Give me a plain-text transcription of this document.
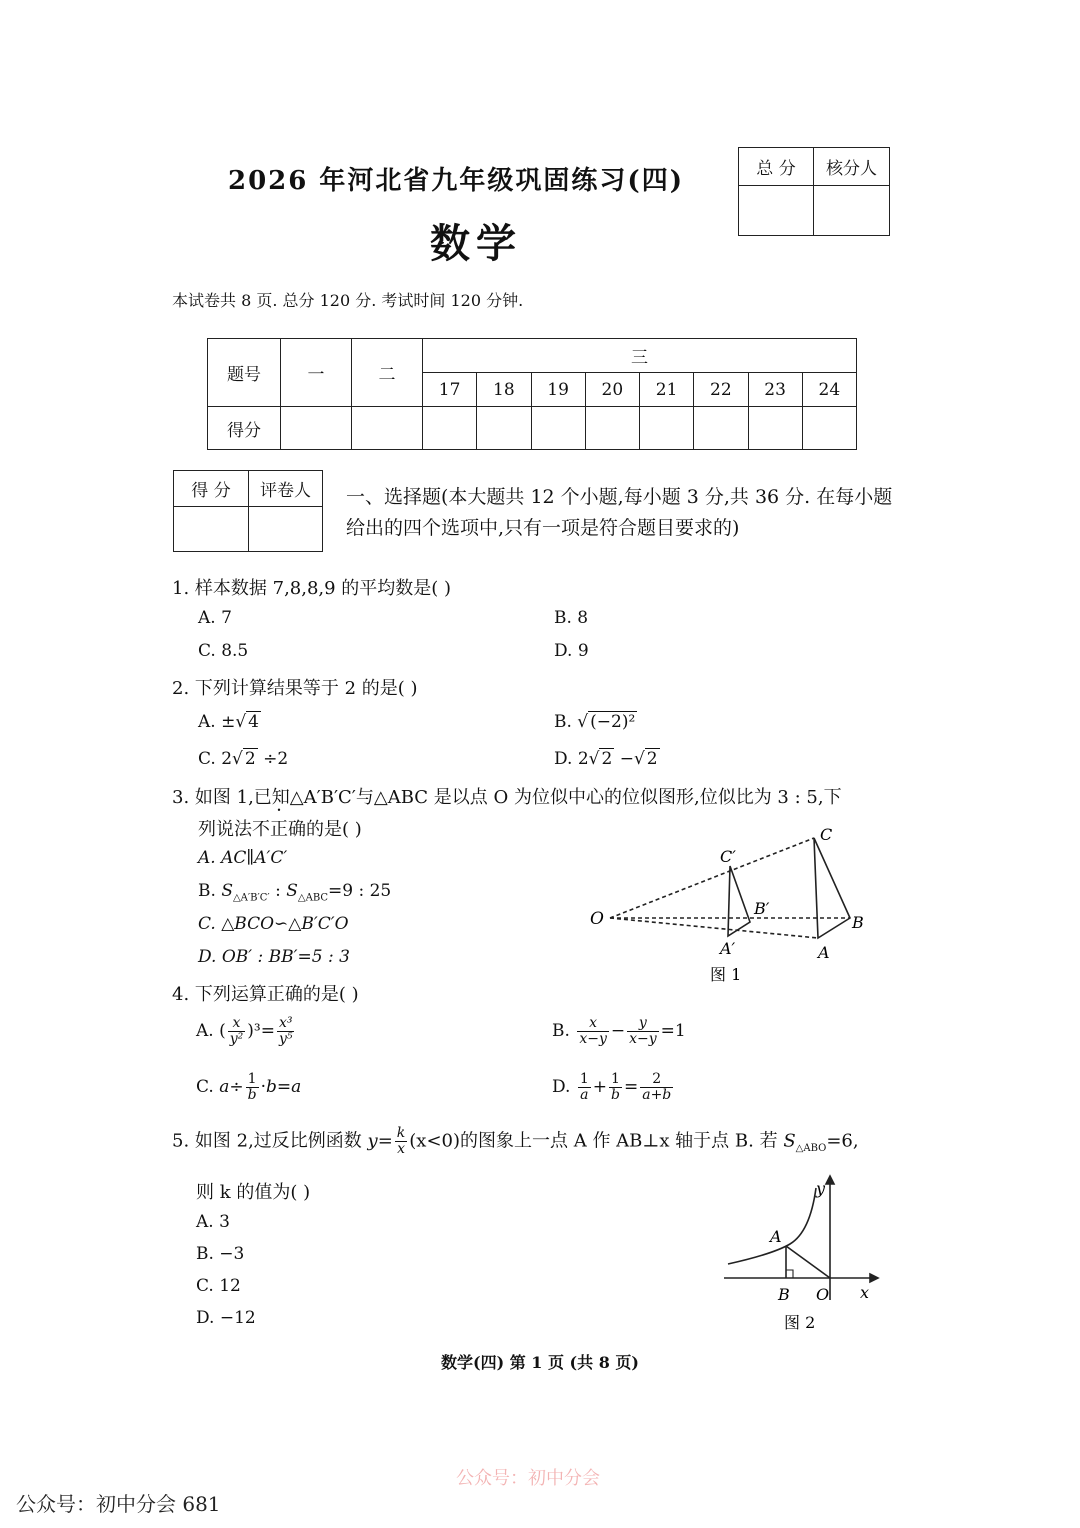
2026 年河北省九年级巩固练习(四)
数学
总 分	核分人

本试卷共 8 页. 总分 120 分. 考试时间 120 分钟.
题号	一	二	三							
			17	18	19	20	21	22	23	24
得分										
得 分	评卷人
	一、选择题(本大题共 12 个小题,每小题 3 分,共 36 分. 在每小题给出的四个选项中,只有一项是符合题目要求的)
1. 样本数据 7,8,8,9 的平均数是( )
A. 7	B. 8
C. 8.5	D. 9
2. 下列计算结果等于 2 的是( )
A. ±√ 4	B. √ (−2)²
C. 2√ 2 ÷2	D. 2√ 2 −√ 2
3. 如图 1,已知△A′B′C′与△ABC 是以点 O 为位似中心的位似图形,位似比为 3 : 5,下
列说法不正确的是( )
A. AC∥A′C′
B. $S_{\triangle A'B'C'}$ : $S_{\triangle ABC}=9$ : 25
C. △BCO∽△B′C′O
D. OB′ : BB′=5 : 3
O
A
B
C
A′
B′
C′
图 1
4. 下列运算正确的是( )
A. ( $\frac{x}{\text{y²}} )^3= \frac{\text{x³}}{\text{y⁵}}$	B. $\frac{x}{x-y} - \frac{y}{x-y} =1$
C. $a\div \frac{1}{b} \cdot b=a$	D. $\frac{1}{a} + \frac{1}{b} = \frac{2}{a+b}$
5. 如图 2,过反比例函数 $y= \frac{k}{x} (x<0)$的图象上一点 A 作 AB⊥x 轴于点 B. 若 $S_{\triangle ABO}=6$,
则 k 的值为( )
A. 3
B. −3
C. 12
D. −12
A
B O x
y
图 2
数学(四) 第 1 页 (共 8 页)
公众号：初中分会
公众号：初中分会 681
